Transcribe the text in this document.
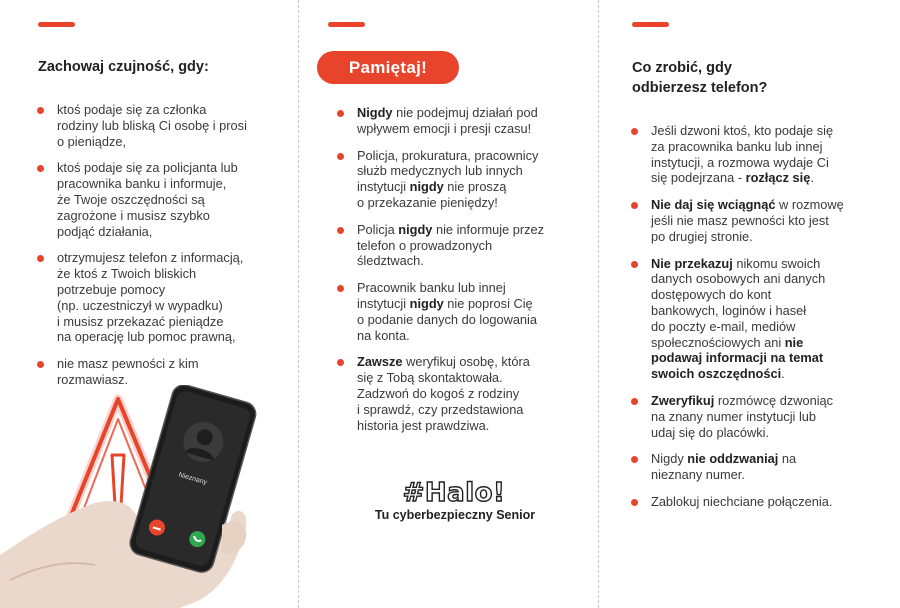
Zachowaj czujność, gdy:
ktoś podaje się za członka
rodziny lub bliską Ci osobę i prosi
o pieniądze,
ktoś podaje się za policjanta lub
pracownika banku i informuje,
że Twoje oszczędności są
zagrożone i musisz szybko
podjąć działania,
otrzymujesz telefon z informacją,
że ktoś z Twoich bliskich
potrzebuje pomocy
(np. uczestniczył w wypadku)
i musisz przekazać pieniądze
na operację lub pomoc prawną,
nie masz pewności z kim
rozmawiasz.
Nieznany
Pamiętaj!
Nigdy nie podejmuj działań pod
wpływem emocji i presji czasu!
Policja, prokuratura, pracownicy
służb medycznych lub innych
instytucji nigdy nie proszą
o przekazanie pieniędzy!
Policja nigdy nie informuje przez
telefon o prowadzonych
śledztwach.
Pracownik banku lub innej
instytucji nigdy nie poprosi Cię
o podanie danych do logowania
na konta.
Zawsze weryfikuj osobę, która
się z Tobą skontaktowała.
Zadzwoń do kogoś z rodziny
i sprawdź, czy przedstawiona
historia jest prawdziwa.
#Halo!
Tu cyberbezpieczny Senior
Co zrobić, gdy
odbierzesz telefon?
Jeśli dzwoni ktoś, kto podaje się
za pracownika banku lub innej
instytucji, a rozmowa wydaje Ci
się podejrzana - rozłącz się.
Nie daj się wciągnąć w rozmowę
jeśli nie masz pewności kto jest
po drugiej stronie.
Nie przekazuj nikomu swoich
danych osobowych ani danych
dostępowych do kont
bankowych, loginów i haseł
do poczty e-mail, mediów
społecznościowych ani nie
podawaj informacji na temat
swoich oszczędności.
Zweryfikuj rozmówcę dzwoniąc
na znany numer instytucji lub
udaj się do placówki.
Nigdy nie oddzwaniaj na
nieznany numer.
Zablokuj niechciane połączenia.
